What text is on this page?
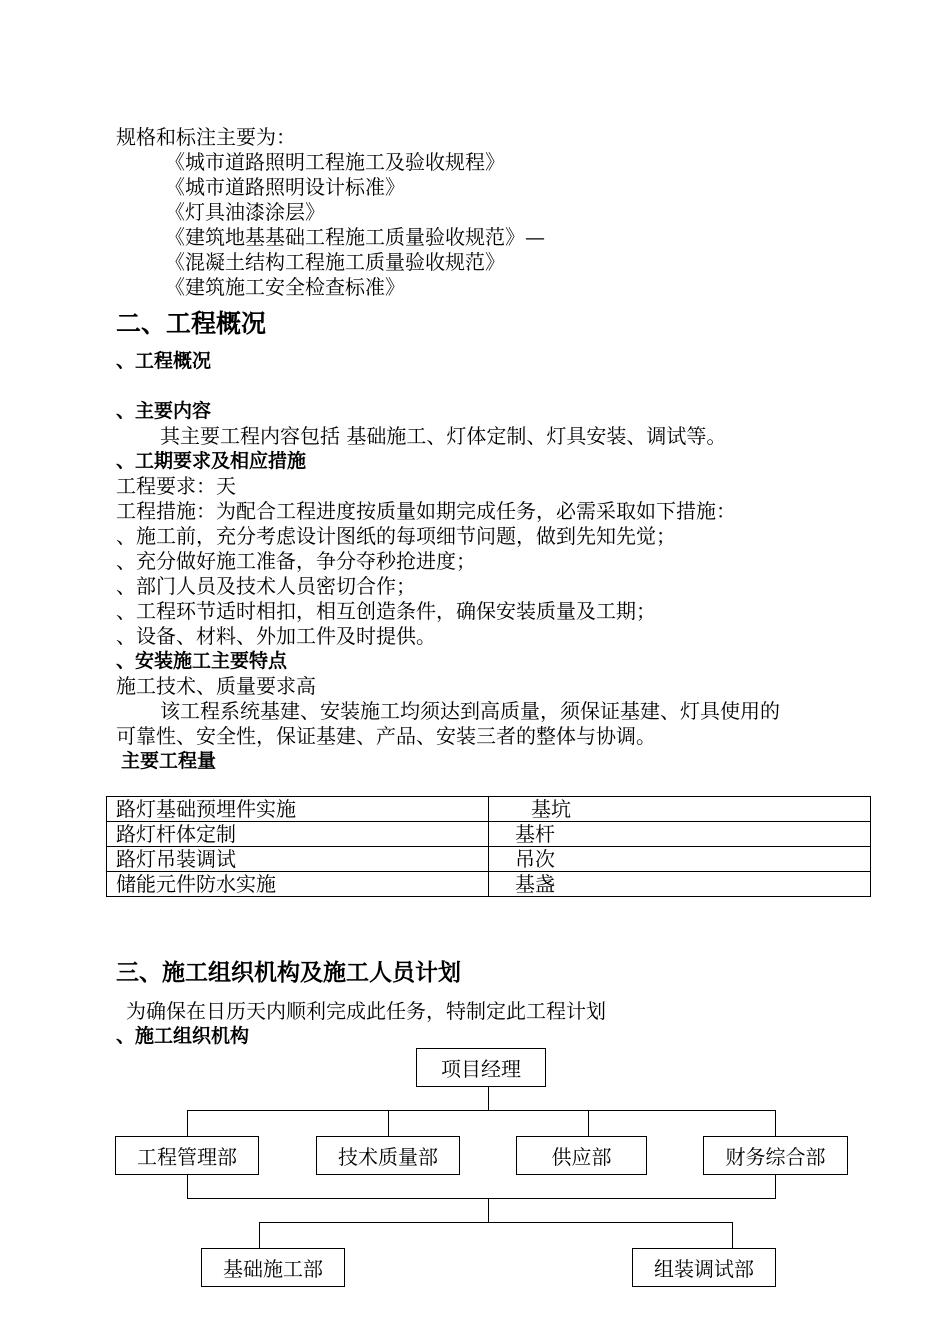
规格和标注主要为：
《城市道路照明工程施工及验收规程》
《城市道路照明设计标准》
《灯具油漆涂层》
《建筑地基基础工程施工质量验收规范》—
《混凝土结构工程施工质量验收规范》
《建筑施工安全检查标准》
二、工程概况
、工程概况
、主要内容
其主要工程内容包括 基础施工、灯体定制、灯具安装、调试等。
、工期要求及相应措施
工程要求：天
工程措施：为配合工程进度按质量如期完成任务，必需采取如下措施：
、施工前，充分考虑设计图纸的每项细节问题，做到先知先觉；
、充分做好施工准备，争分夺秒抢进度；
、部门人员及技术人员密切合作；
、工程环节适时相扣，相互创造条件，确保安装质量及工期；
、设备、材料、外加工件及时提供。
、安装施工主要特点
施工技术、质量要求高
该工程系统基建、安装施工均须达到高质量，须保证基建、灯具使用的
可靠性、安全性，保证基建、产品、安装三者的整体与协调。
主要工程量
路灯基础预埋件实施	基坑
路灯杆体定制	基杆
路灯吊装调试	吊次
储能元件防水实施	基盏
三、施工组织机构及施工人员计划
为确保在日历天内顺利完成此任务，特制定此工程计划
、施工组织机构
项目经理
工程管理部	技术质量部	供应部	财务综合部
基础施工部	组装调试部
